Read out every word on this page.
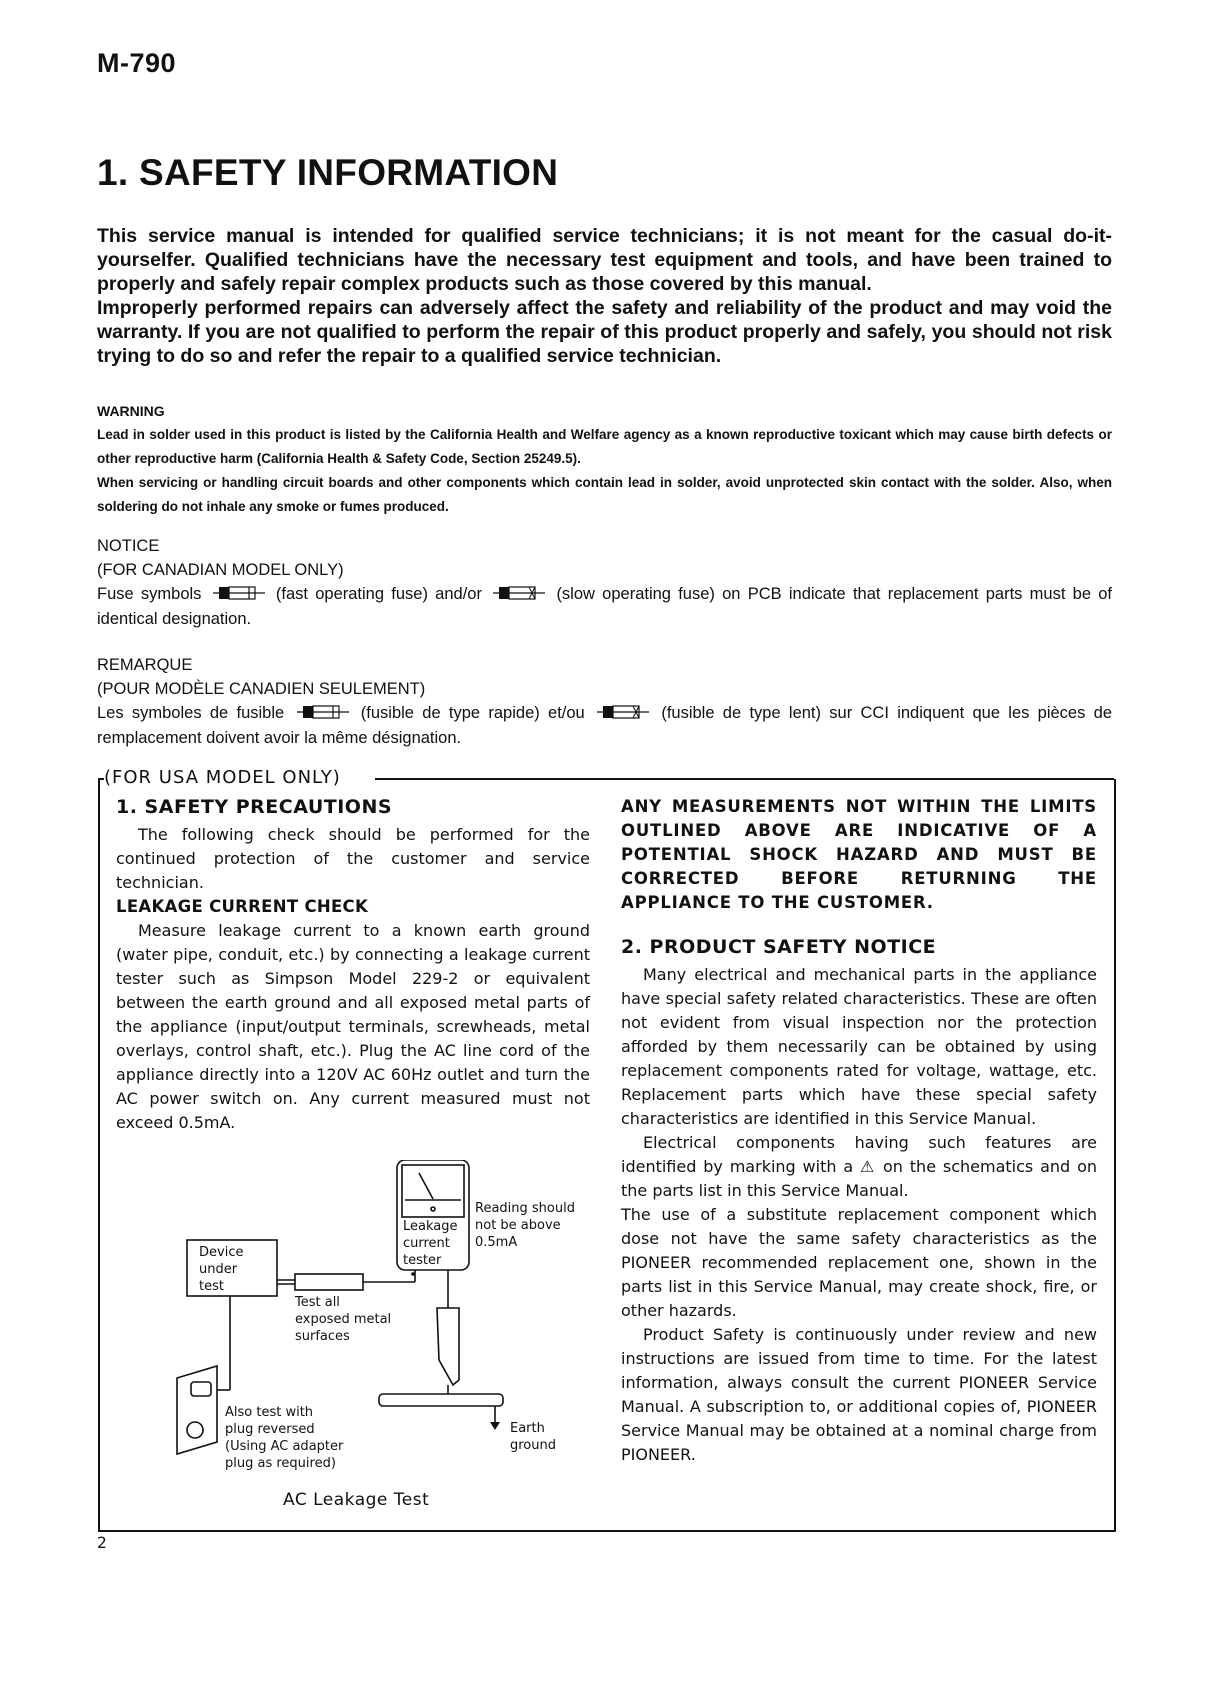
M-790
1. SAFETY INFORMATION

This service manual is intended for qualified service technicians; it is not meant for the casual do-it-yourselfer. Qualified technicians have the necessary test equipment and tools, and have been trained to properly and safely repair complex products such as those covered by this manual.

Improperly performed repairs can adversely affect the safety and reliability of the product and may void the warranty. If you are not qualified to perform the repair of this product properly and safely, you should not risk trying to do so and refer the repair to a qualified service technician.

WARNING
Lead in solder used in this product is listed by the California Health and Welfare agency as a known reproductive toxicant which may cause birth defects or other reproductive harm (California Health & Safety Code, Section 25249.5).
When servicing or handling circuit boards and other components which contain lead in solder, avoid unprotected skin contact with the solder. Also, when soldering do not inhale any smoke or fumes produced.
NOTICE
(FOR CANADIAN MODEL ONLY)
Fuse symbols	(fast operating fuse) and/or	(slow operating fuse) on PCB indicate that replacement parts must be of identical designation.
REMARQUE
(POUR MODÈLE CANADIEN SEULEMENT)
Les symboles de fusible	(fusible de type rapide) et/ou	(fusible de type lent) sur CCI indiquent que les pièces de remplacement doivent avoir la même désignation.
(FOR USA MODEL ONLY)

1. SAFETY PRECAUTIONS

The following check should be performed for the continued protection of the customer and service technician.

LEAKAGE CURRENT CHECK

Measure leakage current to a known earth ground (water pipe, conduit, etc.) by connecting a leakage current tester such as Simpson Model 229-2 or equivalent between the earth ground and all exposed metal parts of the appliance (input/output terminals, screwheads, metal overlays, control shaft, etc.). Plug the AC line cord of the appliance directly into a 120V AC 60Hz outlet and turn the AC power switch on. Any current measured must not exceed 0.5mA.

Device
under
test
Leakage
current
tester
Reading should
not be above
0.5mA
Test all
exposed metal
surfaces
Also test with
plug reversed
(Using AC adapter
plug as required)
Earth
ground
AC Leakage Test

ANY MEASUREMENTS NOT WITHIN THE LIMITS OUTLINED ABOVE ARE INDICATIVE OF A POTENTIAL SHOCK HAZARD AND MUST BE CORRECTED BEFORE RETURNING THE APPLIANCE TO THE CUSTOMER.

2. PRODUCT SAFETY NOTICE

Many electrical and mechanical parts in the appliance have special safety related characteristics. These are often not evident from visual inspection nor the protection afforded by them necessarily can be obtained by using replacement components rated for voltage, wattage, etc. Replacement parts which have these special safety characteristics are identified in this Service Manual.

Electrical components having such features are identified by marking with a ⚠ on the schematics and on the parts list in this Service Manual.

The use of a substitute replacement component which dose not have the same safety characteristics as the PIONEER recommended replacement one, shown in the parts list in this Service Manual, may create shock, fire, or other hazards.

Product Safety is continuously under review and new instructions are issued from time to time. For the latest information, always consult the current PIONEER Service Manual. A subscription to, or additional copies of, PIONEER Service Manual may be obtained at a nominal charge from PIONEER.

2
